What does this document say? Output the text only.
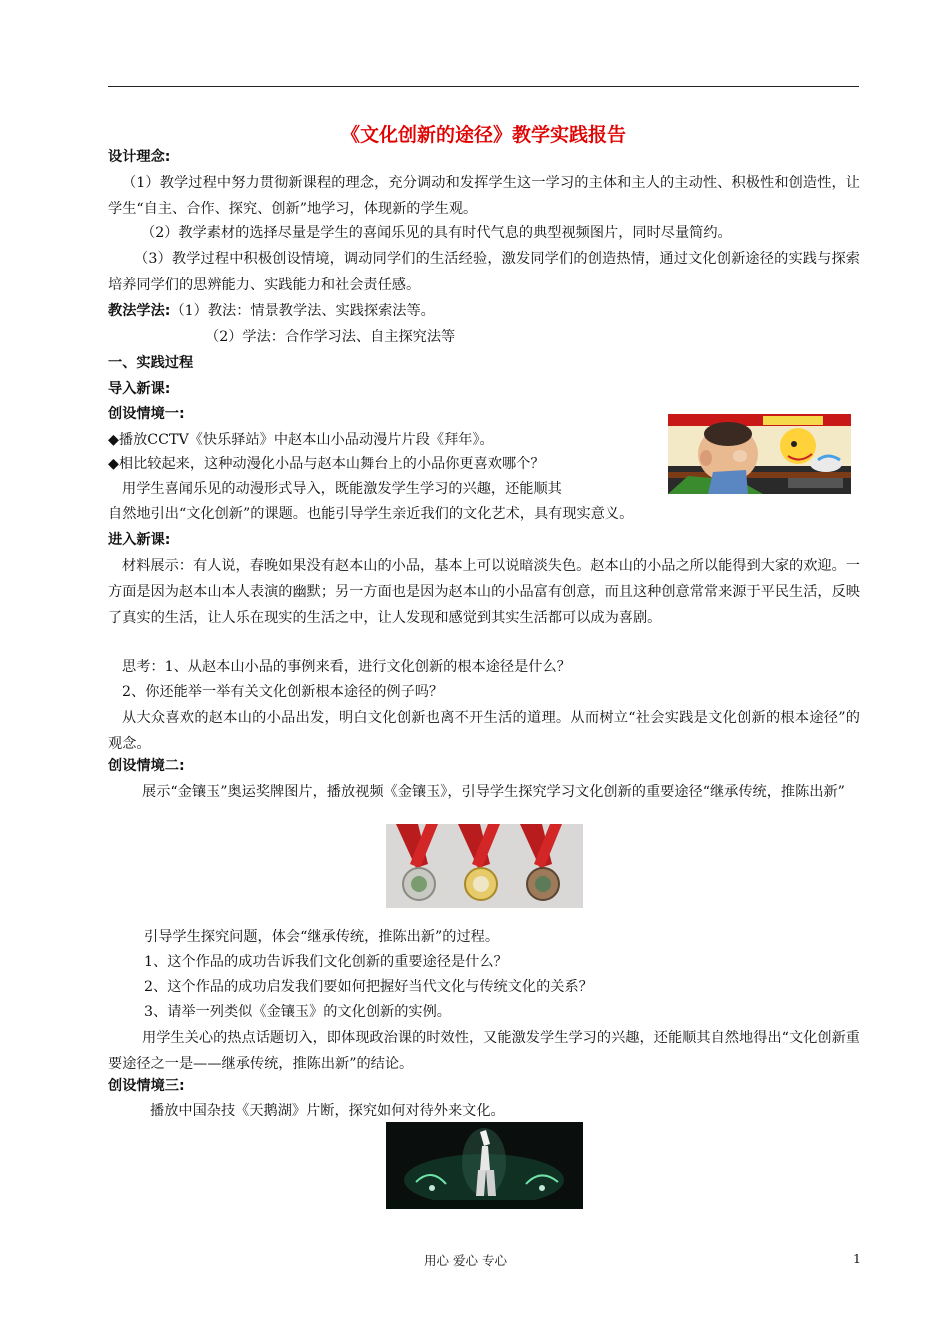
《文化创新的途径》教学实践报告
设计理念:
（1）教学过程中努力贯彻新课程的理念，充分调动和发挥学生这一学习的主体和主人的主动性、积极性和创造性，让学生“自主、合作、探究、创新”地学习，体现新的学生观。
（2）教学素材的选择尽量是学生的喜闻乐见的具有时代气息的典型视频图片，同时尽量简约。
（3）教学过程中积极创设情境，调动同学们的生活经验，激发同学们的创造热情，通过文化创新途径的实践与探索培养同学们的思辨能力、实践能力和社会责任感。
教法学法:（1）教法：情景教学法、实践探索法等。
（2）学法：合作学习法、自主探究法等
一、实践过程
导入新课:
创设情境一:
◆播放CCTV《快乐驿站》中赵本山小品动漫片片段《拜年》。
◆相比较起来，这种动漫化小品与赵本山舞台上的小品你更喜欢哪个？
用学生喜闻乐见的动漫形式导入，既能激发学生学习的兴趣，还能顺其
自然地引出“文化创新”的课题。也能引导学生亲近我们的文化艺术，具有现实意义。
进入新课:
材料展示：有人说，春晚如果没有赵本山的小品，基本上可以说暗淡失色。赵本山的小品之所以能得到大家的欢迎。一方面是因为赵本山本人表演的幽默；另一方面也是因为赵本山的小品富有创意，而且这种创意常常来源于平民生活，反映了真实的生活，让人乐在现实的生活之中，让人发现和感觉到其实生活都可以成为喜剧。
思考：1、从赵本山小品的事例来看，进行文化创新的根本途径是什么？
2、你还能举一举有关文化创新根本途径的例子吗？
从大众喜欢的赵本山的小品出发，明白文化创新也离不开生活的道理。从而树立“社会实践是文化创新的根本途径”的观念。
创设情境二:
展示“金镶玉”奥运奖牌图片，播放视频《金镶玉》，引导学生探究学习文化创新的重要途径“继承传统，推陈出新”
引导学生探究问题，体会“继承传统，推陈出新”的过程。
1、这个作品的成功告诉我们文化创新的重要途径是什么？
2、这个作品的成功启发我们要如何把握好当代文化与传统文化的关系？
3、请举一列类似《金镶玉》的文化创新的实例。
用学生关心的热点话题切入，即体现政治课的时效性，又能激发学生学习的兴趣，还能顺其自然地得出“文化创新重要途径之一是——继承传统，推陈出新”的结论。
创设情境三:
播放中国杂技《天鹅湖》片断，探究如何对待外来文化。
用心 爱心 专心	1
